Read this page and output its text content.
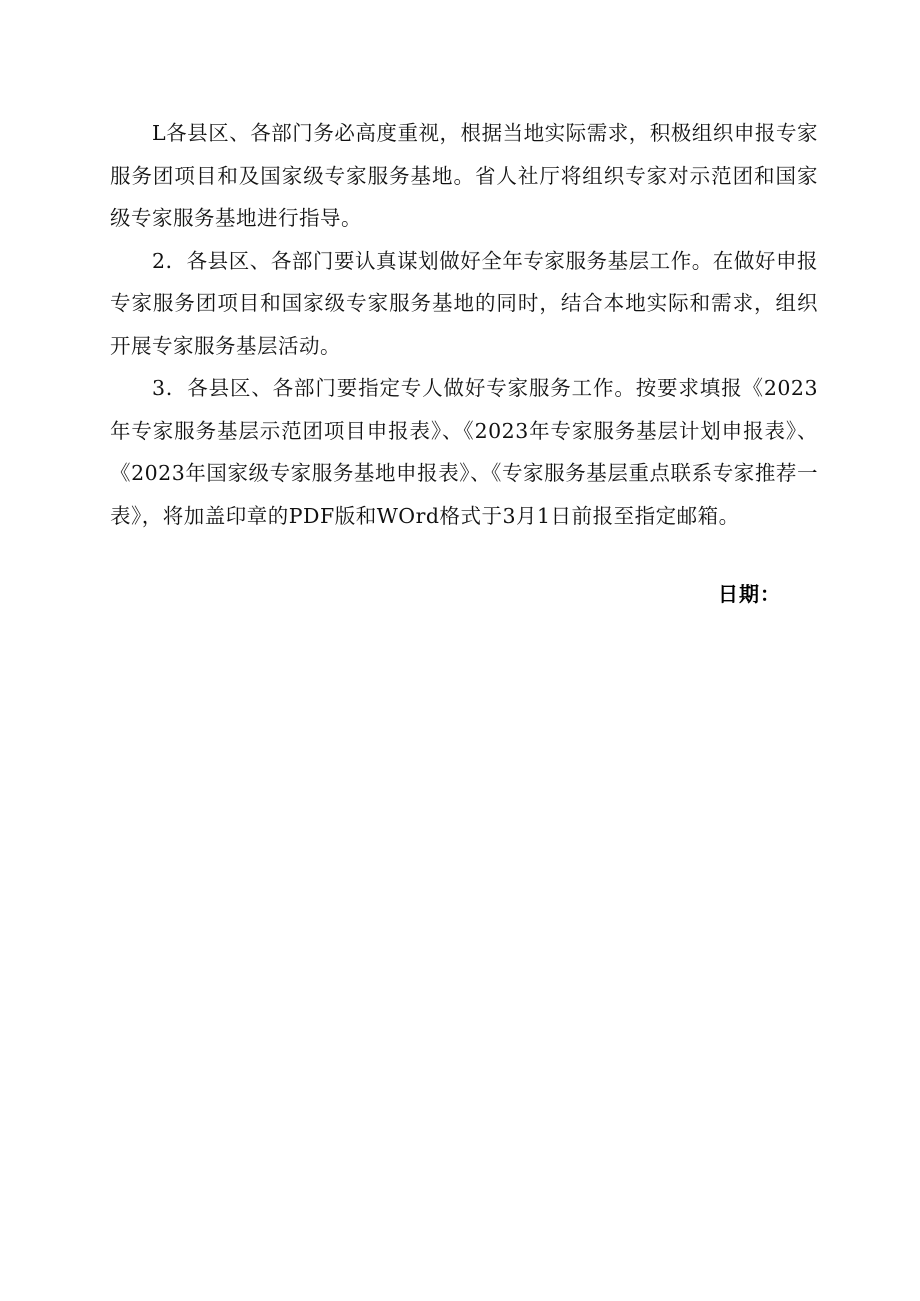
L各县区、各部门务必高度重视，根据当地实际需求，积极组织申报专家服务团项目和及国家级专家服务基地。省人社厅将组织专家对示范团和国家级专家服务基地进行指导。

2．各县区、各部门要认真谋划做好全年专家服务基层工作。在做好申报专家服务团项目和国家级专家服务基地的同时，结合本地实际和需求，组织开展专家服务基层活动。

3．各县区、各部门要指定专人做好专家服务工作。按要求填报《2023年专家服务基层示范团项目申报表》、《2023年专家服务基层计划申报表》、《2023年国家级专家服务基地申报表》、《专家服务基层重点联系专家推荐一表》，将加盖印章的PDF版和WOrd格式于3月1日前报至指定邮箱。

日期：
